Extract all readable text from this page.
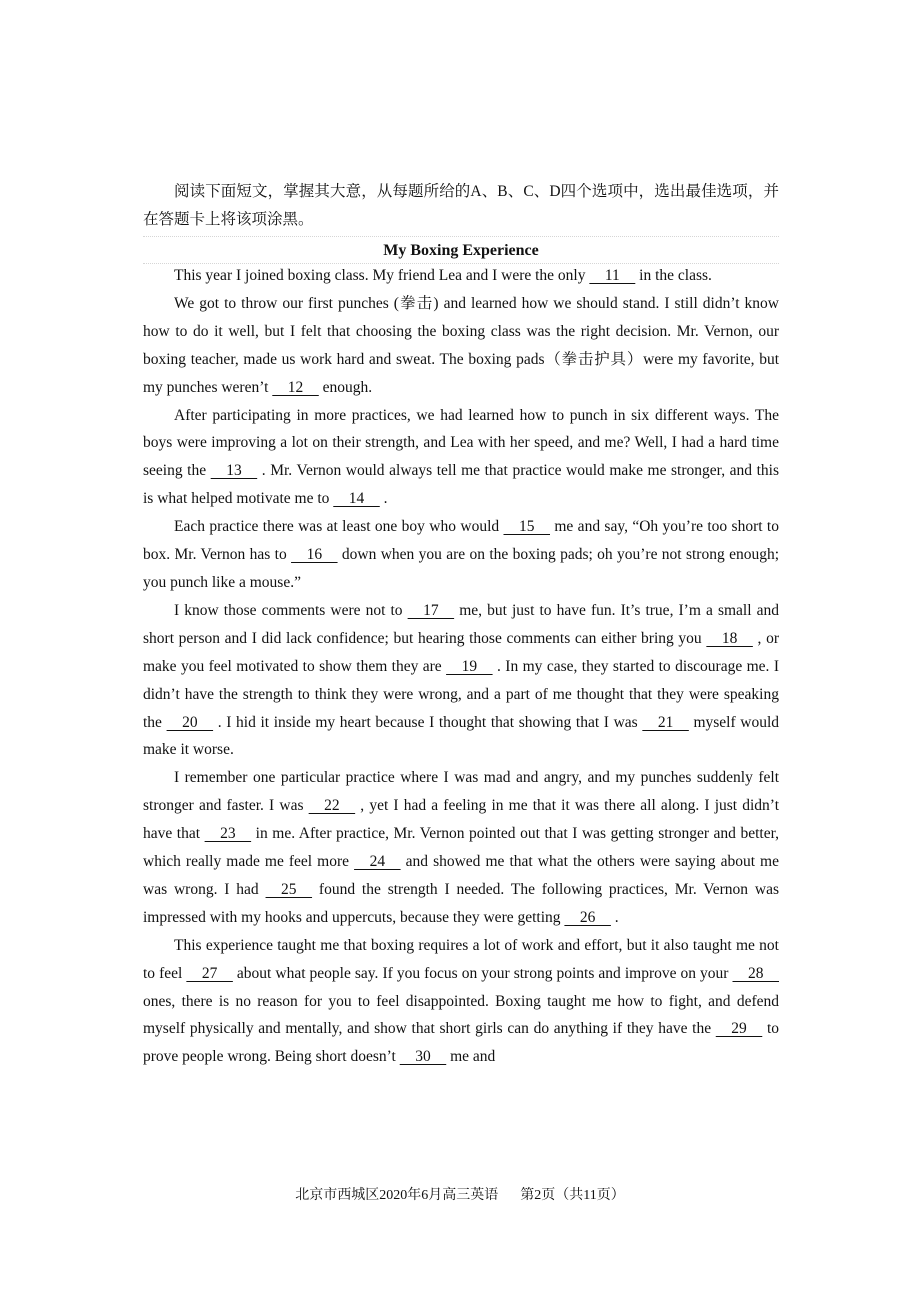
阅读下面短文，掌握其大意，从每题所给的A、B、C、D四个选项中，选出最佳选项，并在答题卡上将该项涂黑。

My Boxing Experience

This year I joined boxing class. My friend Lea and I were the only     11     in the class.

We got to throw our first punches (拳击) and learned how we should stand. I still didn’t know how to do it well, but I felt that choosing the boxing class was the right decision. Mr. Vernon, our boxing teacher, made us work hard and sweat. The boxing pads（拳击护具）were my favorite, but my punches weren’t     12     enough.

After participating in more practices, we had learned how to punch in six different ways. The boys were improving a lot on their strength, and Lea with her speed, and me? Well, I had a hard time seeing the     13     . Mr. Vernon would always tell me that practice would make me stronger, and this is what helped motivate me to     14     .

Each practice there was at least one boy who would     15     me and say, “Oh you’re too short to box. Mr. Vernon has to     16     down when you are on the boxing pads; oh you’re not strong enough; you punch like a mouse.”

I know those comments were not to     17     me, but just to have fun. It’s true, I’m a small and short person and I did lack confidence; but hearing those comments can either bring you     18     , or make you feel motivated to show them they are     19     . In my case, they started to discourage me. I didn’t have the strength to think they were wrong, and a part of me thought that they were speaking the     20     . I hid it inside my heart because I thought that showing that I was     21     myself would make it worse.

I remember one particular practice where I was mad and angry, and my punches suddenly felt stronger and faster. I was     22     , yet I had a feeling in me that it was there all along. I just didn’t have that     23     in me. After practice, Mr. Vernon pointed out that I was getting stronger and better, which really made me feel more     24     and showed me that what the others were saying about me was wrong. I had     25     found the strength I needed. The following practices, Mr. Vernon was impressed with my hooks and uppercuts, because they were getting     26     .

This experience taught me that boxing requires a lot of work and effort, but it also taught me not to feel     27     about what people say. If you focus on your strong points and improve on your     28     ones, there is no reason for you to feel disappointed. Boxing taught me how to fight, and defend myself physically and mentally, and show that short girls can do anything if they have the     29     to prove people wrong. Being short doesn’t     30     me and

北京市西城区2020年6月高三英语 第2页（共11页）
